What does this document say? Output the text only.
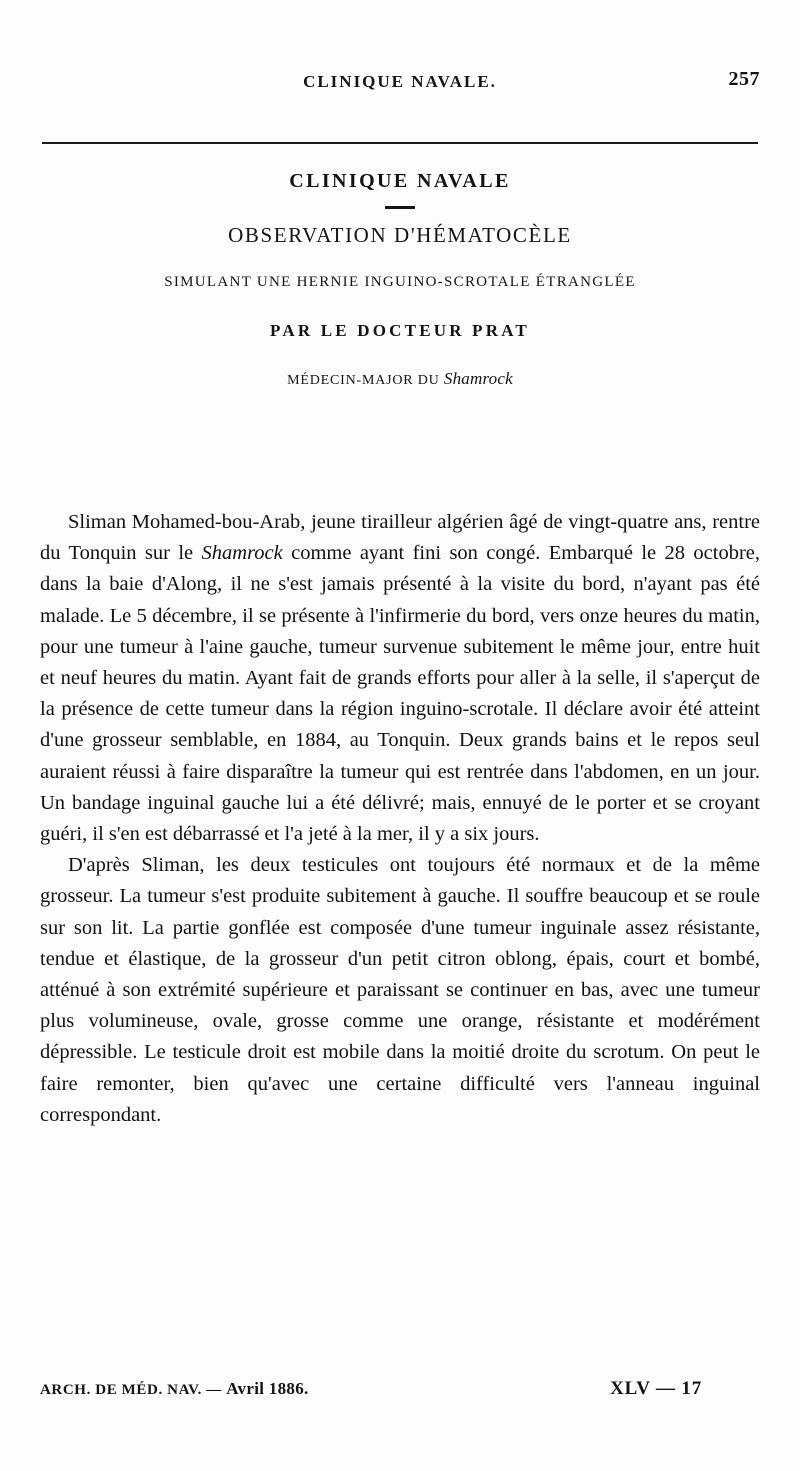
CLINIQUE NAVALE.	257
CLINIQUE NAVALE
OBSERVATION D'HÉMATOCÈLE
SIMULANT UNE HERNIE INGUINO-SCROTALE ÉTRANGLÉE
PAR LE DOCTEUR PRAT
MÉDECIN-MAJOR DU Shamrock

Sliman Mohamed-bou-Arab, jeune tirailleur algérien âgé de vingt-quatre ans, rentre du Tonquin sur le Shamrock comme ayant fini son congé. Embarqué le 28 octobre, dans la baie d'Along, il ne s'est jamais présenté à la visite du bord, n'ayant pas été malade. Le 5 décembre, il se présente à l'infirmerie du bord, vers onze heures du matin, pour une tumeur à l'aine gauche, tumeur survenue subitement le même jour, entre huit et neuf heures du matin. Ayant fait de grands efforts pour aller à la selle, il s'aperçut de la présence de cette tumeur dans la région inguino-scrotale. Il déclare avoir été atteint d'une grosseur semblable, en 1884, au Tonquin. Deux grands bains et le repos seul auraient réussi à faire disparaître la tumeur qui est rentrée dans l'abdomen, en un jour. Un bandage inguinal gauche lui a été délivré; mais, ennuyé de le porter et se croyant guéri, il s'en est débarrassé et l'a jeté à la mer, il y a six jours.

D'après Sliman, les deux testicules ont toujours été normaux et de la même grosseur. La tumeur s'est produite subitement à gauche. Il souffre beaucoup et se roule sur son lit. La partie gonflée est composée d'une tumeur inguinale assez résistante, tendue et élastique, de la grosseur d'un petit citron oblong, épais, court et bombé, atténué à son extrémité supérieure et paraissant se continuer en bas, avec une tumeur plus volumineuse, ovale, grosse comme une orange, résistante et modérément dépressible. Le testicule droit est mobile dans la moitié droite du scrotum. On peut le faire remonter, bien qu'avec une certaine difficulté vers l'anneau inguinal correspondant.

ARCH. DE MÉD. NAV. — Avril 1886.	XLV — 17
